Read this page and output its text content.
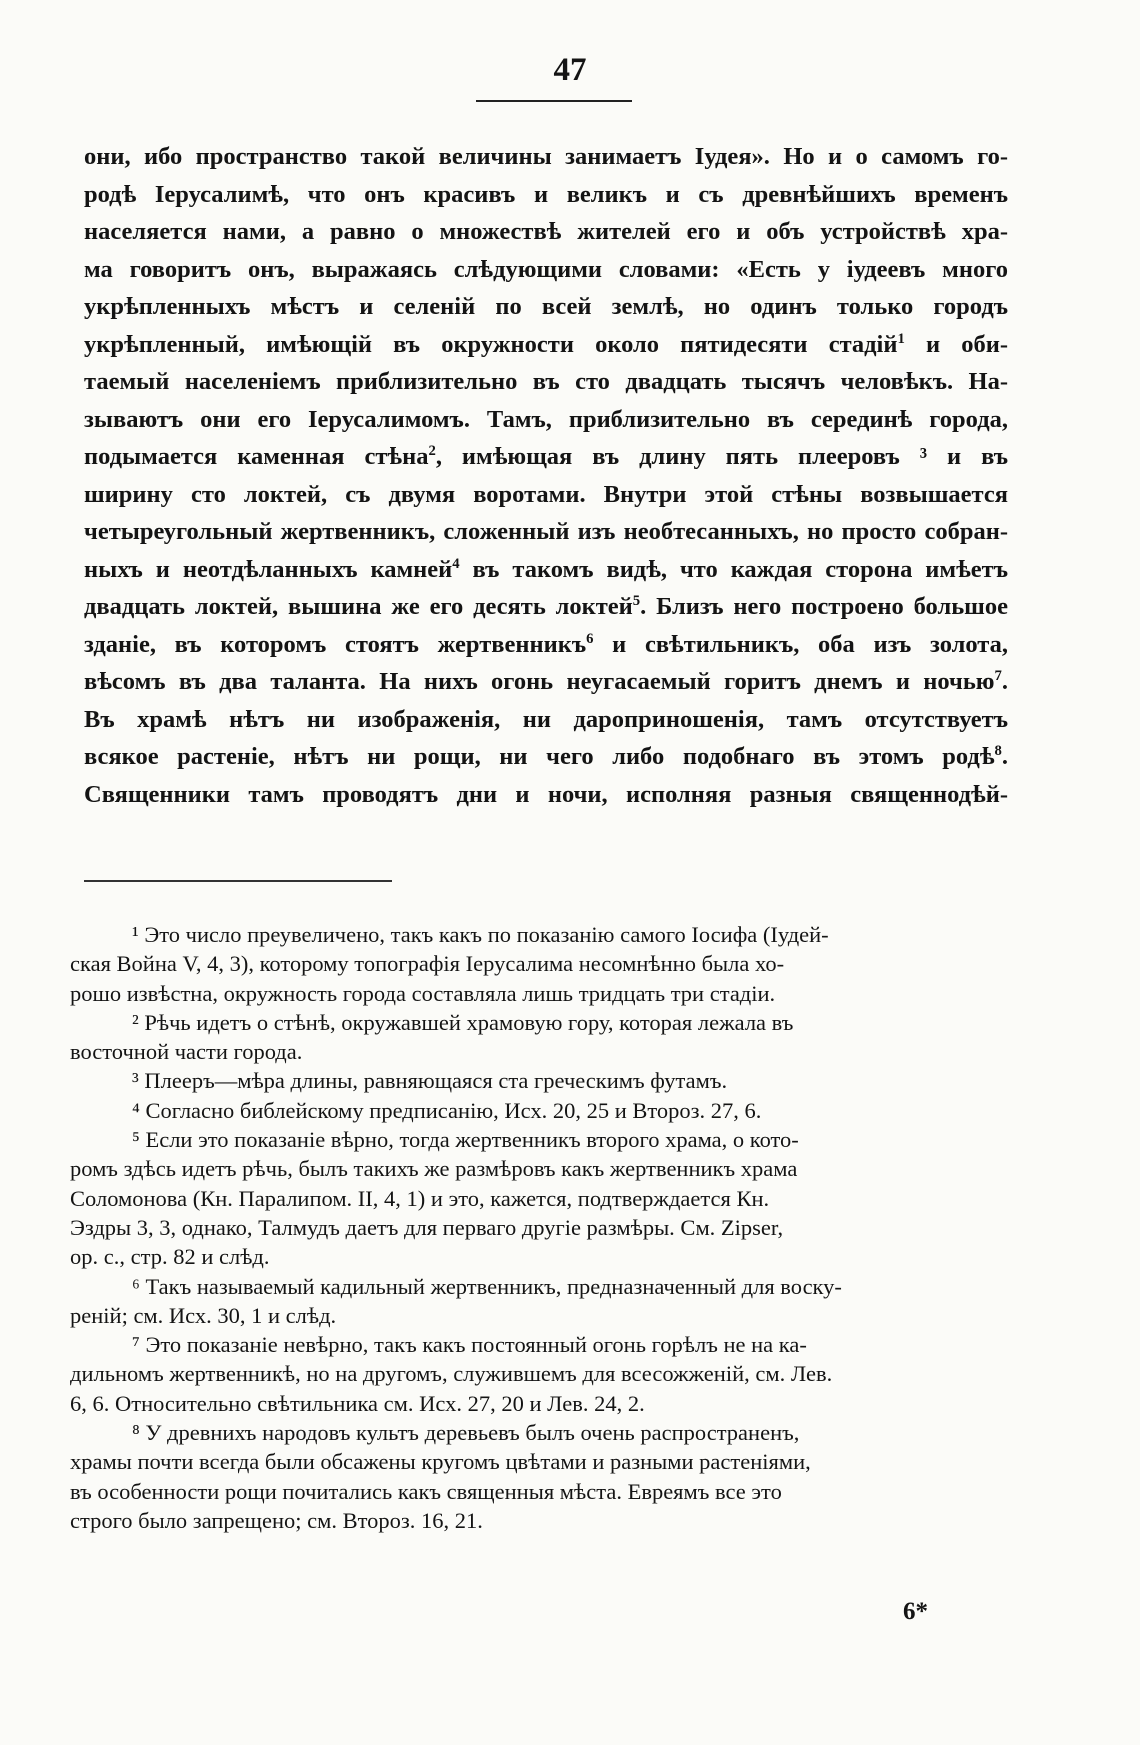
47
они, ибо пространство такой величины занимаетъ Іудея». Но и о самомъ го-
родѣ Іерусалимѣ, что онъ красивъ и великъ и съ древнѣйшихъ временъ
населяется нами, а равно о множествѣ жителей его и объ устройствѣ хра-
ма говоритъ онъ, выражаясь слѣдующими словами: «Есть у іудеевъ много
укрѣпленныхъ мѣстъ и селеній по всей землѣ, но одинъ только городъ
укрѣпленный, имѣющій въ окружности около пятидесяти стадій$^1$ и оби-
таемый населеніемъ приблизительно въ сто двадцать тысячъ человѣкъ. На-
зываютъ они его Іерусалимомъ. Тамъ, приблизительно въ серединѣ города,
подымается каменная стѣна$^2$, имѣющая въ длину пять плееровъ ³ и въ
ширину сто локтей, съ двумя воротами. Внутри этой стѣны возвышается
четыреугольный жертвенникъ, сложенный изъ необтесанныхъ, но просто собран-
ныхъ и неотдѣланныхъ камней$^4$ въ такомъ видѣ, что каждая сторона имѣетъ
двадцать локтей, вышина же его десять локтей$^5$. Близъ него построено большое
зданіе, въ которомъ стоятъ жертвенникъ$^6$ и свѣтильникъ, оба изъ золота,
вѣсомъ въ два таланта. На нихъ огонь неугасаемый горитъ днемъ и ночью$^7$.
Въ храмѣ нѣтъ ни изображенія, ни дароприношенія, тамъ отсутствуетъ
всякое растеніе, нѣтъ ни рощи, ни чего либо подобнаго въ этомъ родѣ$^8$.
Священники тамъ проводятъ дни и ночи, исполняя разныя священнодѣй-
¹ Это число преувеличено, такъ какъ по показанію самого Іосифа (Іудей-
ская Война V, 4, 3), которому топографія Іерусалима несомнѣнно была хо-
рошо извѣстна, окружность города составляла лишь тридцать три стадіи.
² Рѣчь идетъ о стѣнѣ, окружавшей храмовую гору, которая лежала въ
восточной части города.
³ Плееръ—мѣра длины, равняющаяся ста греческимъ футамъ.
⁴ Согласно библейскому предписанію, Исх. 20, 25 и Второз. 27, 6.
⁵ Если это показаніе вѣрно, тогда жертвенникъ второго храма, о кото-
ромъ здѣсь идетъ рѣчь, былъ такихъ же размѣровъ какъ жертвенникъ храма
Соломонова (Кн. Паралипом. II, 4, 1) и это, кажется, подтверждается Кн.
Эздры 3, 3, однако, Талмудъ даетъ для перваго другіе размѣры. См. Zipser,
op. c., стр. 82 и слѣд.
⁶ Такъ называемый кадильный жертвенникъ, предназначенный для воску-
реній; см. Исх. 30, 1 и слѣд.
⁷ Это показаніе невѣрно, такъ какъ постоянный огонь горѣлъ не на ка-
дильномъ жертвенникѣ, но на другомъ, служившемъ для всесожженій, см. Лев.
6, 6. Относительно свѣтильника см. Исх. 27, 20 и Лев. 24, 2.
⁸ У древнихъ народовъ культъ деревьевъ былъ очень распространенъ,
храмы почти всегда были обсажены кругомъ цвѣтами и разными растеніями,
въ особенности рощи почитались какъ священныя мѣста. Евреямъ все это
строго было запрещено; см. Второз. 16, 21.
6*
